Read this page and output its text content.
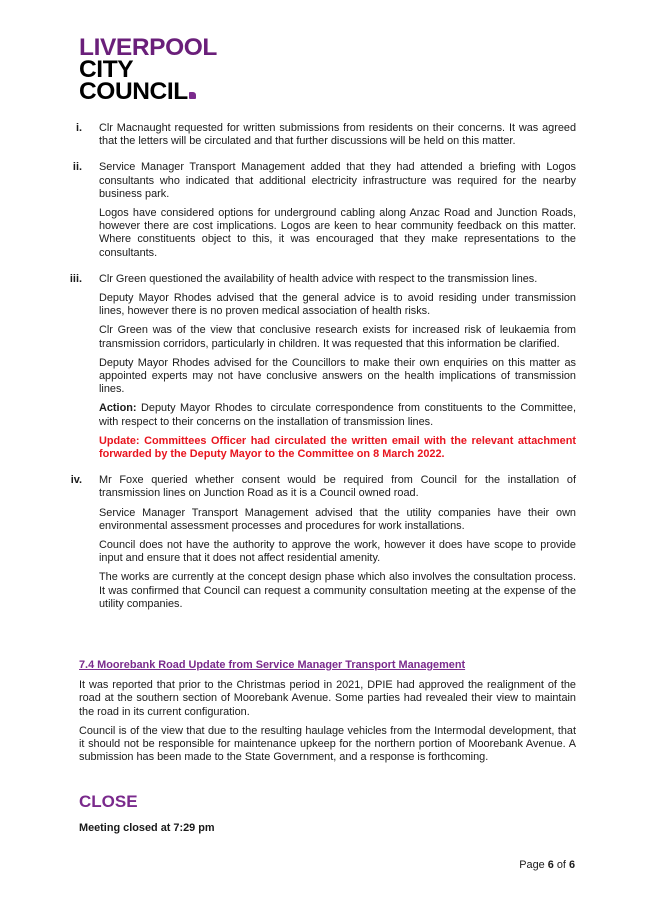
LIVERPOOL
CITY
COUNCIL
i. Clr Macnaught requested for written submissions from residents on their concerns. It was agreed that the letters will be circulated and that further discussions will be held on this matter.

ii. Service Manager Transport Management added that they had attended a briefing with Logos consultants who indicated that additional electricity infrastructure was required for the nearby business park.

Logos have considered options for underground cabling along Anzac Road and Junction Roads, however there are cost implications. Logos are keen to hear community feedback on this matter. Where constituents object to this, it was encouraged that they make representations to the consultants.

iii. Clr Green questioned the availability of health advice with respect to the transmission lines.

Deputy Mayor Rhodes advised that the general advice is to avoid residing under transmission lines, however there is no proven medical association of health risks.

Clr Green was of the view that conclusive research exists for increased risk of leukaemia from transmission corridors, particularly in children. It was requested that this information be clarified.

Deputy Mayor Rhodes advised for the Councillors to make their own enquiries on this matter as appointed experts may not have conclusive answers on the health implications of transmission lines.

Action: Deputy Mayor Rhodes to circulate correspondence from constituents to the Committee, with respect to their concerns on the installation of transmission lines.

Update: Committees Officer had circulated the written email with the relevant attachment forwarded by the Deputy Mayor to the Committee on 8 March 2022.

iv. Mr Foxe queried whether consent would be required from Council for the installation of transmission lines on Junction Road as it is a Council owned road.

Service Manager Transport Management advised that the utility companies have their own environmental assessment processes and procedures for work installations.

Council does not have the authority to approve the work, however it does have scope to provide input and ensure that it does not affect residential amenity.

The works are currently at the concept design phase which also involves the consultation process. It was confirmed that Council can request a community consultation meeting at the expense of the utility companies.

7.4 Moorebank Road Update from Service Manager Transport Management

It was reported that prior to the Christmas period in 2021, DPIE had approved the realignment of the road at the southern section of Moorebank Avenue. Some parties had revealed their view to maintain the road in its current configuration.

Council is of the view that due to the resulting haulage vehicles from the Intermodal development, that it should not be responsible for maintenance upkeep for the northern portion of Moorebank Avenue. A submission has been made to the State Government, and a response is forthcoming.

CLOSE
Meeting closed at 7:29 pm
Page 6 of 6
